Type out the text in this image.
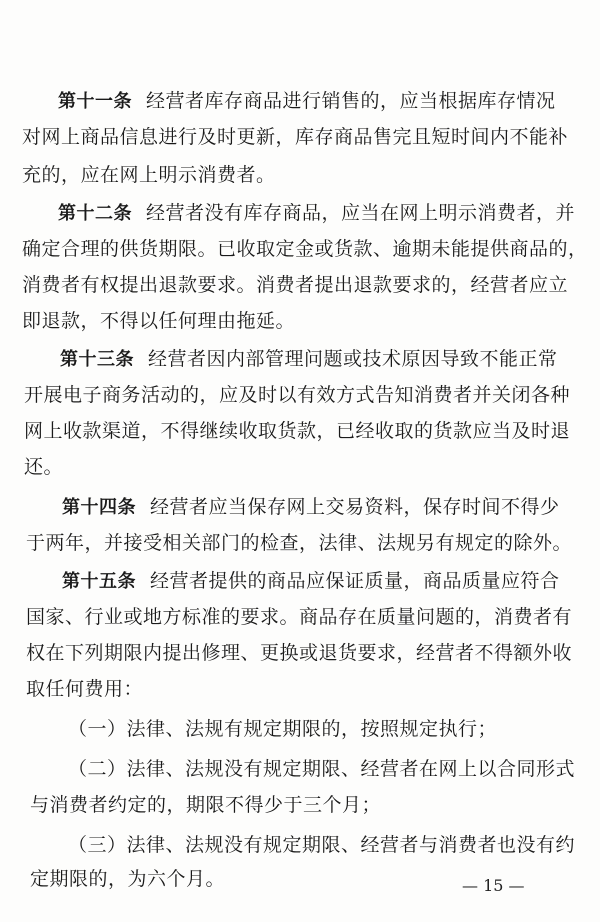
第十一条 经营者库存商品进行销售的，应当根据库存情况
对网上商品信息进行及时更新，库存商品售完且短时间内不能补
充的，应在网上明示消费者。
第十二条 经营者没有库存商品，应当在网上明示消费者，并
确定合理的供货期限。已收取定金或货款、逾期未能提供商品的，
消费者有权提出退款要求。消费者提出退款要求的，经营者应立
即退款，不得以任何理由拖延。
第十三条 经营者因内部管理问题或技术原因导致不能正常
开展电子商务活动的，应及时以有效方式告知消费者并关闭各种
网上收款渠道，不得继续收取货款，已经收取的货款应当及时退
还。
第十四条 经营者应当保存网上交易资料，保存时间不得少
于两年，并接受相关部门的检查，法律、法规另有规定的除外。
第十五条 经营者提供的商品应保证质量，商品质量应符合
国家、行业或地方标准的要求。商品存在质量问题的，消费者有
权在下列期限内提出修理、更换或退货要求，经营者不得额外收
取任何费用：
（一）法律、法规有规定期限的，按照规定执行；
（二）法律、法规没有规定期限、经营者在网上以合同形式
与消费者约定的，期限不得少于三个月；
（三）法律、法规没有规定期限、经营者与消费者也没有约
定期限的，为六个月。	— 15 —
